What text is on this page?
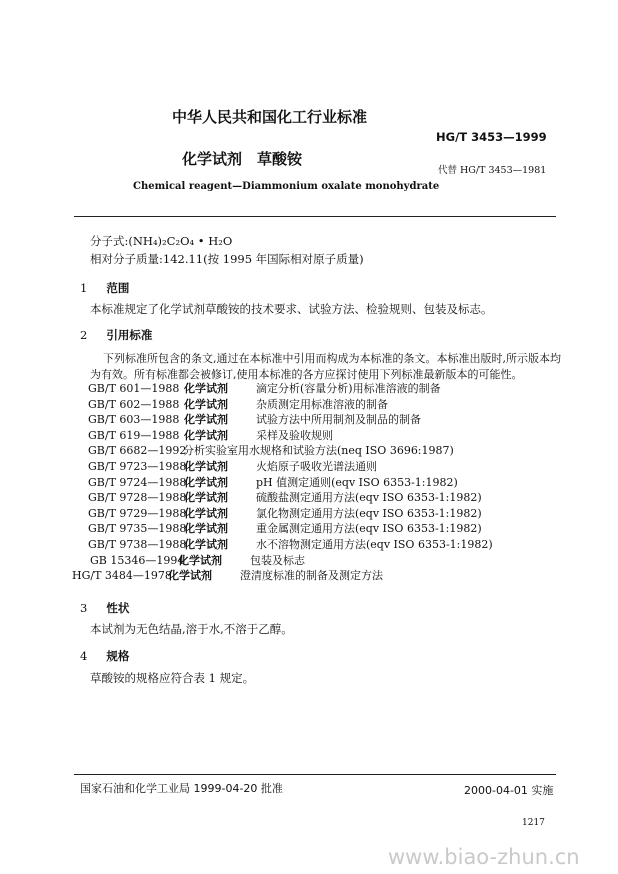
中华人民共和国化工行业标准
HG/T 3453—1999
化学试剂　草酸铵
代替 HG/T 3453—1981
Chemical reagent—Diammonium oxalate monohydrate
分子式:(NH₄)₂C₂O₄ • H₂O
相对分子质量:142.11(按 1995 年国际相对原子质量)
1 范围
本标准规定了化学试剂草酸铵的技术要求、试验方法、检验规则、包装及标志。
2 引用标准
下列标准所包含的条文,通过在本标准中引用而构成为本标准的条文。本标准出版时,所示版本均
为有效。所有标准都会被修订,使用本标准的各方应探讨使用下列标准最新版本的可能性。
GB/T 601—1988 化学试剂	滴定分析(容量分析)用标准溶液的制备
GB/T 602—1988 化学试剂	杂质测定用标准溶液的制备
GB/T 603—1988 化学试剂	试验方法中所用制剂及制品的制备
GB/T 619—1988 化学试剂	采样及验收规则
GB/T 6682—1992分析实验室用水规格和试验方法(neq ISO 3696:1987)
GB/T 9723—1988化学试剂	火焰原子吸收光谱法通则
GB/T 9724—1988化学试剂	pH 值测定通则(eqv ISO 6353-1:1982)
GB/T 9728—1988化学试剂	硫酸盐测定通用方法(eqv ISO 6353-1:1982)
GB/T 9729—1988化学试剂	氯化物测定通用方法(eqv ISO 6353-1:1982)
GB/T 9735—1988化学试剂	重金属测定通用方法(eqv ISO 6353-1:1982)
GB/T 9738—1988化学试剂	水不溶物测定通用方法(eqv ISO 6353-1:1982)
GB 15346—1994化学试剂	包装及标志
HG/T 3484—1978化学试剂	澄清度标准的制备及测定方法
3 性状
本试剂为无色结晶,溶于水,不溶于乙醇。
4 规格
草酸铵的规格应符合表 1 规定。
国家石油和化学工业局 1999-04-20 批准	2000-04-01 实施
1217
www.biao-zhun.cn
